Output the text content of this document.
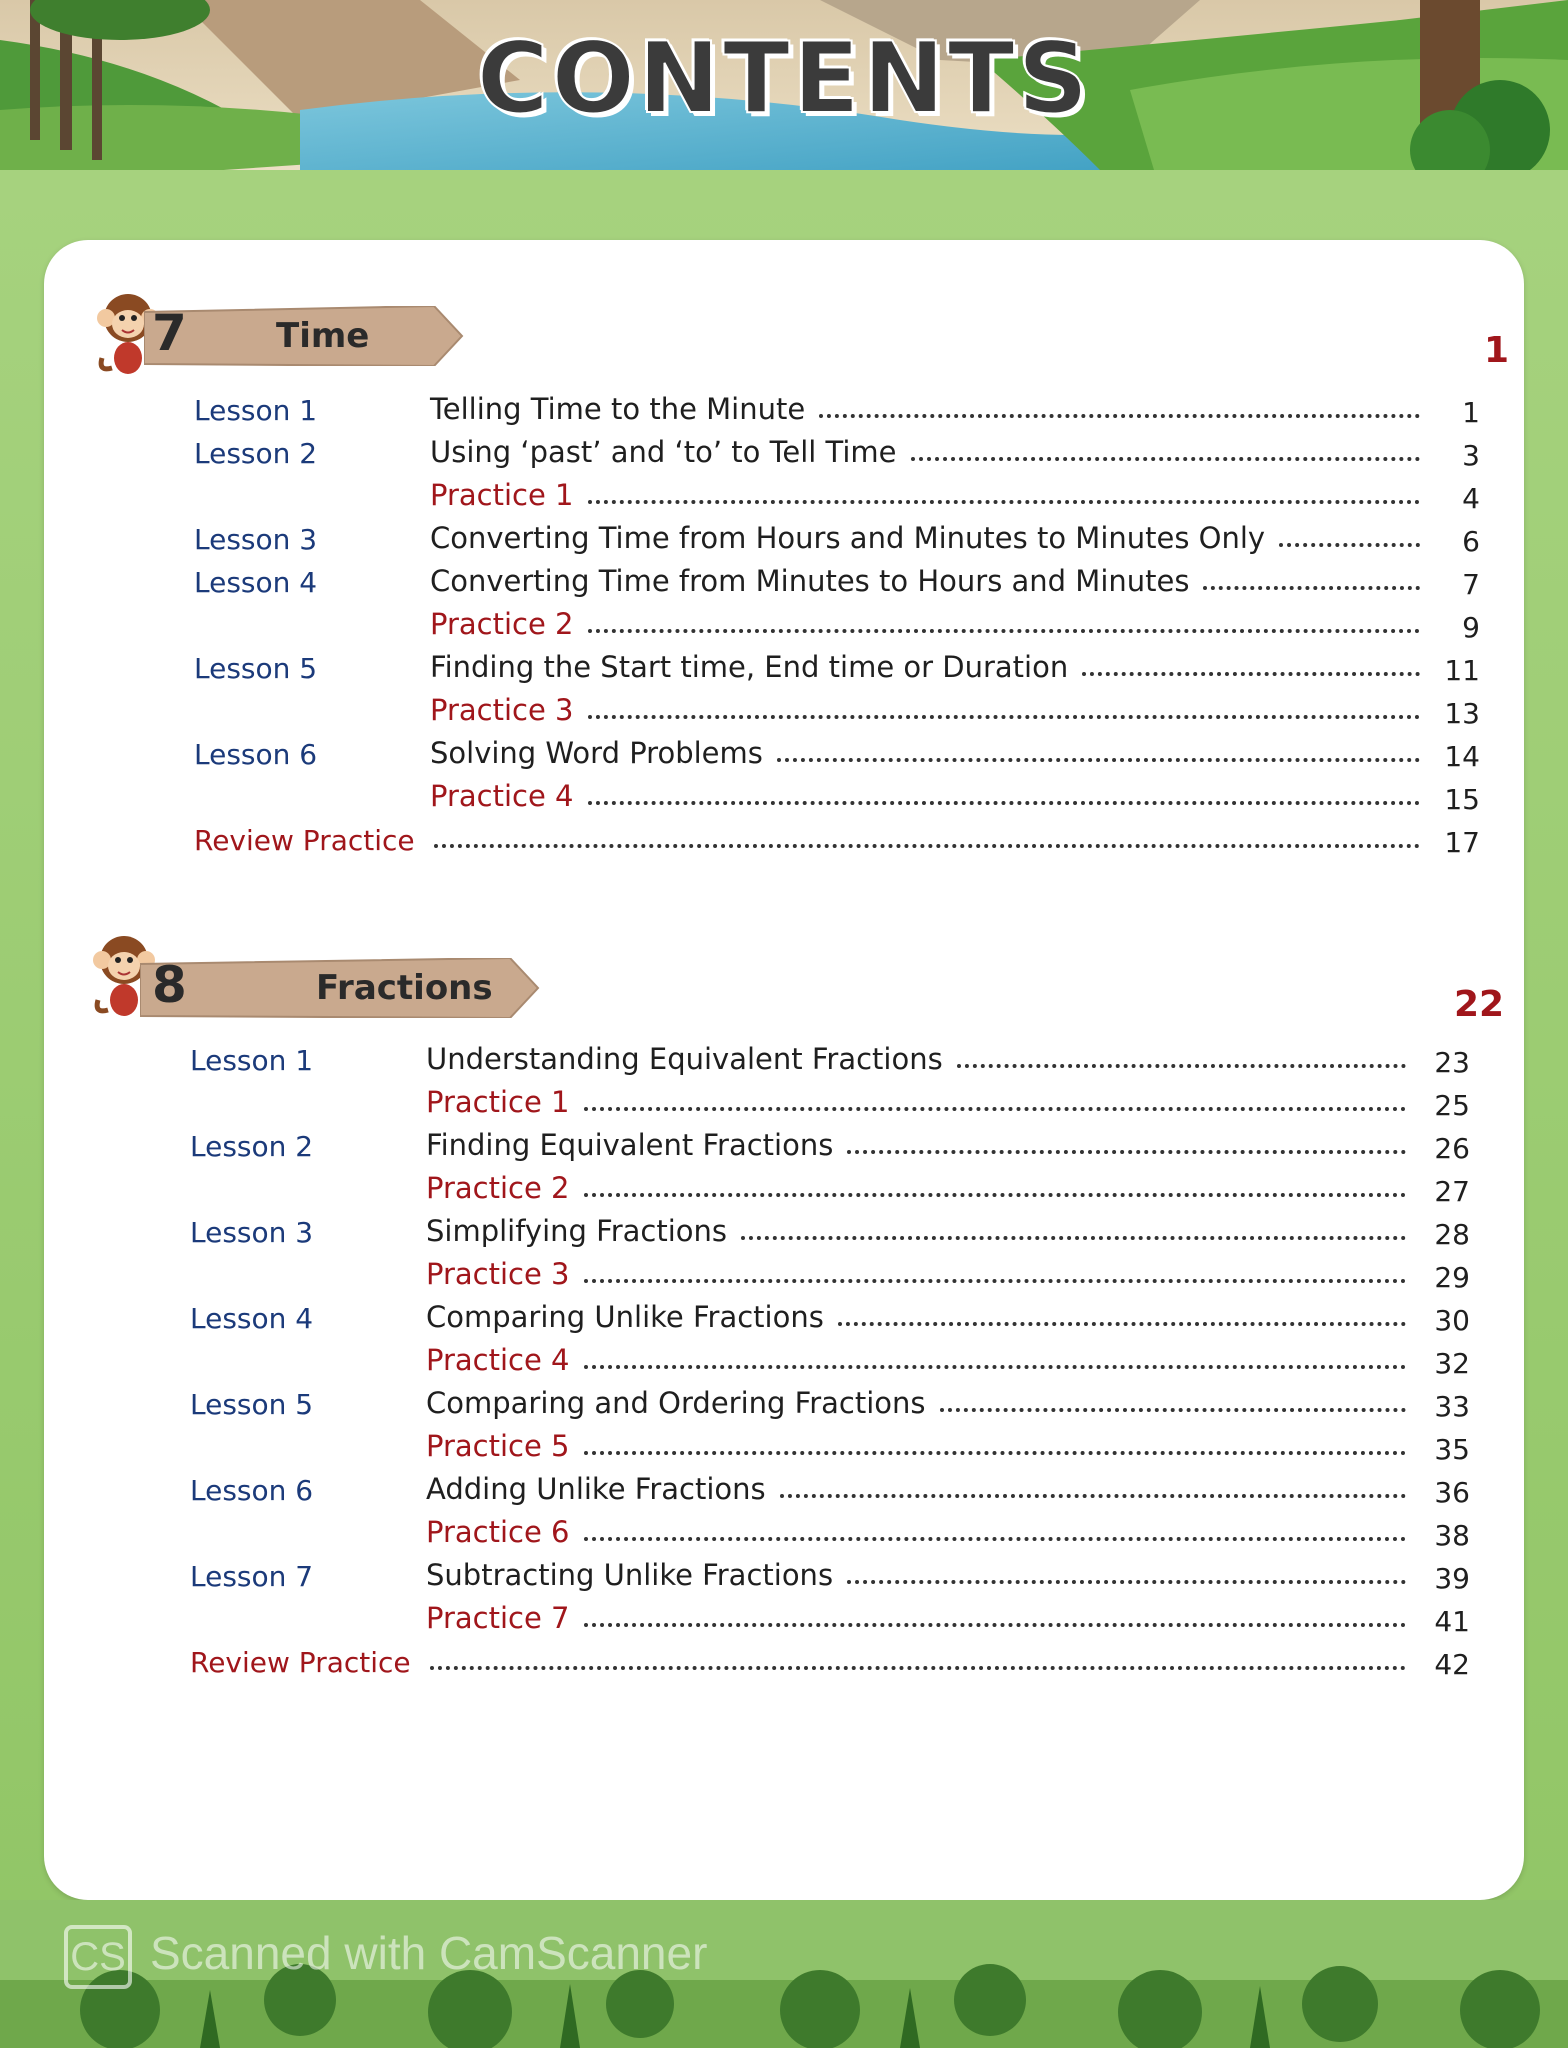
CONTENTS
7	Time	1
Lesson 1	Telling Time to the Minute	1
Lesson 2	Using ‘past’ and ‘to’ to Tell Time	3
Practice 1	4
Lesson 3	Converting Time from Hours and Minutes to Minutes Only	6
Lesson 4	Converting Time from Minutes to Hours and Minutes	7
Practice 2	9
Lesson 5	Finding the Start time, End time or Duration	11
Practice 3	13
Lesson 6	Solving Word Problems	14
Practice 4	15
Review Practice	17
8	Fractions	22
Lesson 1	Understanding Equivalent Fractions	23
Practice 1	25
Lesson 2	Finding Equivalent Fractions	26
Practice 2	27
Lesson 3	Simplifying Fractions	28
Practice 3	29
Lesson 4	Comparing Unlike Fractions	30
Practice 4	32
Lesson 5	Comparing and Ordering Fractions	33
Practice 5	35
Lesson 6	Adding Unlike Fractions	36
Practice 6	38
Lesson 7	Subtracting Unlike Fractions	39
Practice 7	41
Review Practice	42
CS Scanned with CamScanner
